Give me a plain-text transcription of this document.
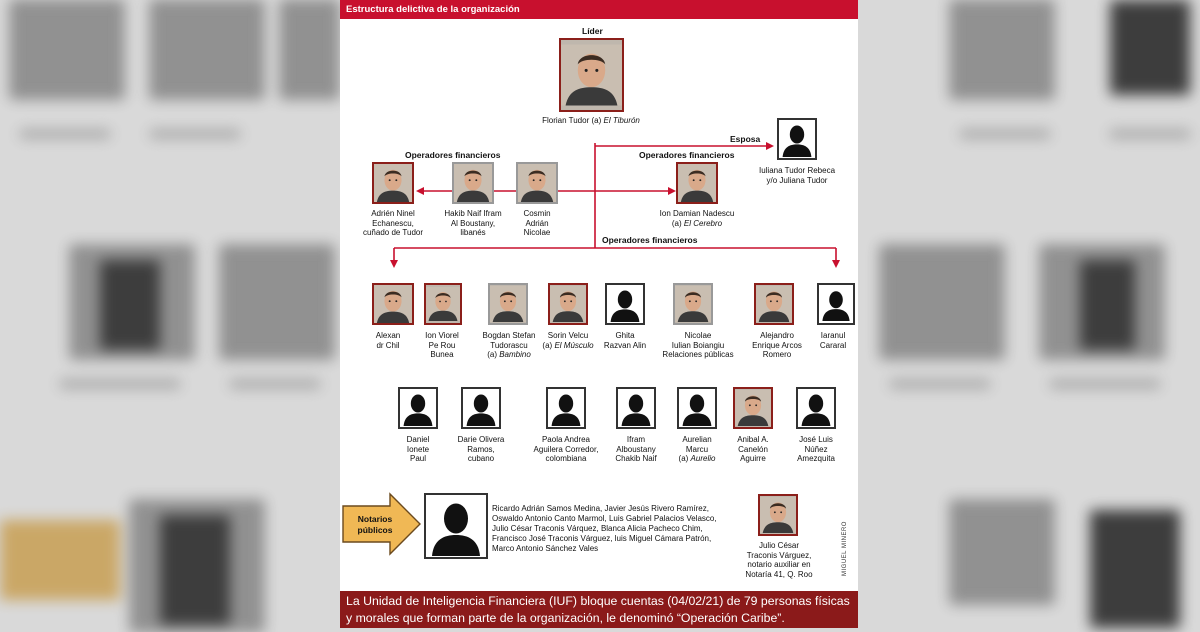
Estructura delictiva de la organización
Líder
Florian Tudor (a) El Tiburón
Esposa
Iuliana Tudor Rebeca
y/o Juliana Tudor
Operadores financieros
Adrién Ninel
Echanescu,
cuñado de Tudor
Hakib Naif Ifram
Al Boustany,
libanés
Cosmin
Adrián
Nicolae
Operadores financieros
Ion Damian Nadescu
(a) El Cerebro
Operadores financieros
Alexan
dr Chil
Ion Viorel
Pe Rou
Bunea
Bogdan Stefan
Tudorascu
(a) Bambino
Sorin Velcu
(a) El Músculo
Ghita
Razvan Alin
Nicolae
Iulian Boiangiu
Relaciones públicas
Alejandro
Enrique Arcos
Romero
Iaranul
Cararal
Daniel
Ionete
Paul
Darie Olivera
Ramos,
cubano
Paola Andrea
Aguilera Corredor,
colombiana
Ifram
Alboustany
Chakib Naif
Aurelian
Marcu
(a) Aurelio
Anibal A.
Canelón
Aguirre
José Luis
Núñez
Amezquita
Notarios
públicos
Ricardo Adrián Samos Medina, Javier Jesús Rivero Ramírez,
Oswaldo Antonio Canto Marmol, Luis Gabriel Palacios Velasco,
Julio César Traconis Várquez, Blanca Alicia Pacheco Chim,
Francisco José Traconis Várguez, luis Miguel Cámara Patrón,
Marco Antonio Sánchez Vales	Julio César
Traconis Várguez,
notario auxiliar en
Notaría 41, Q. Roo	MIGUEL MINERO
La Unidad de Inteligencia Financiera (IUF) bloque cuentas (04/02/21) de 79 personas físicas
y morales que forman parte de la organización, le denominó “Operación Caribe”.
